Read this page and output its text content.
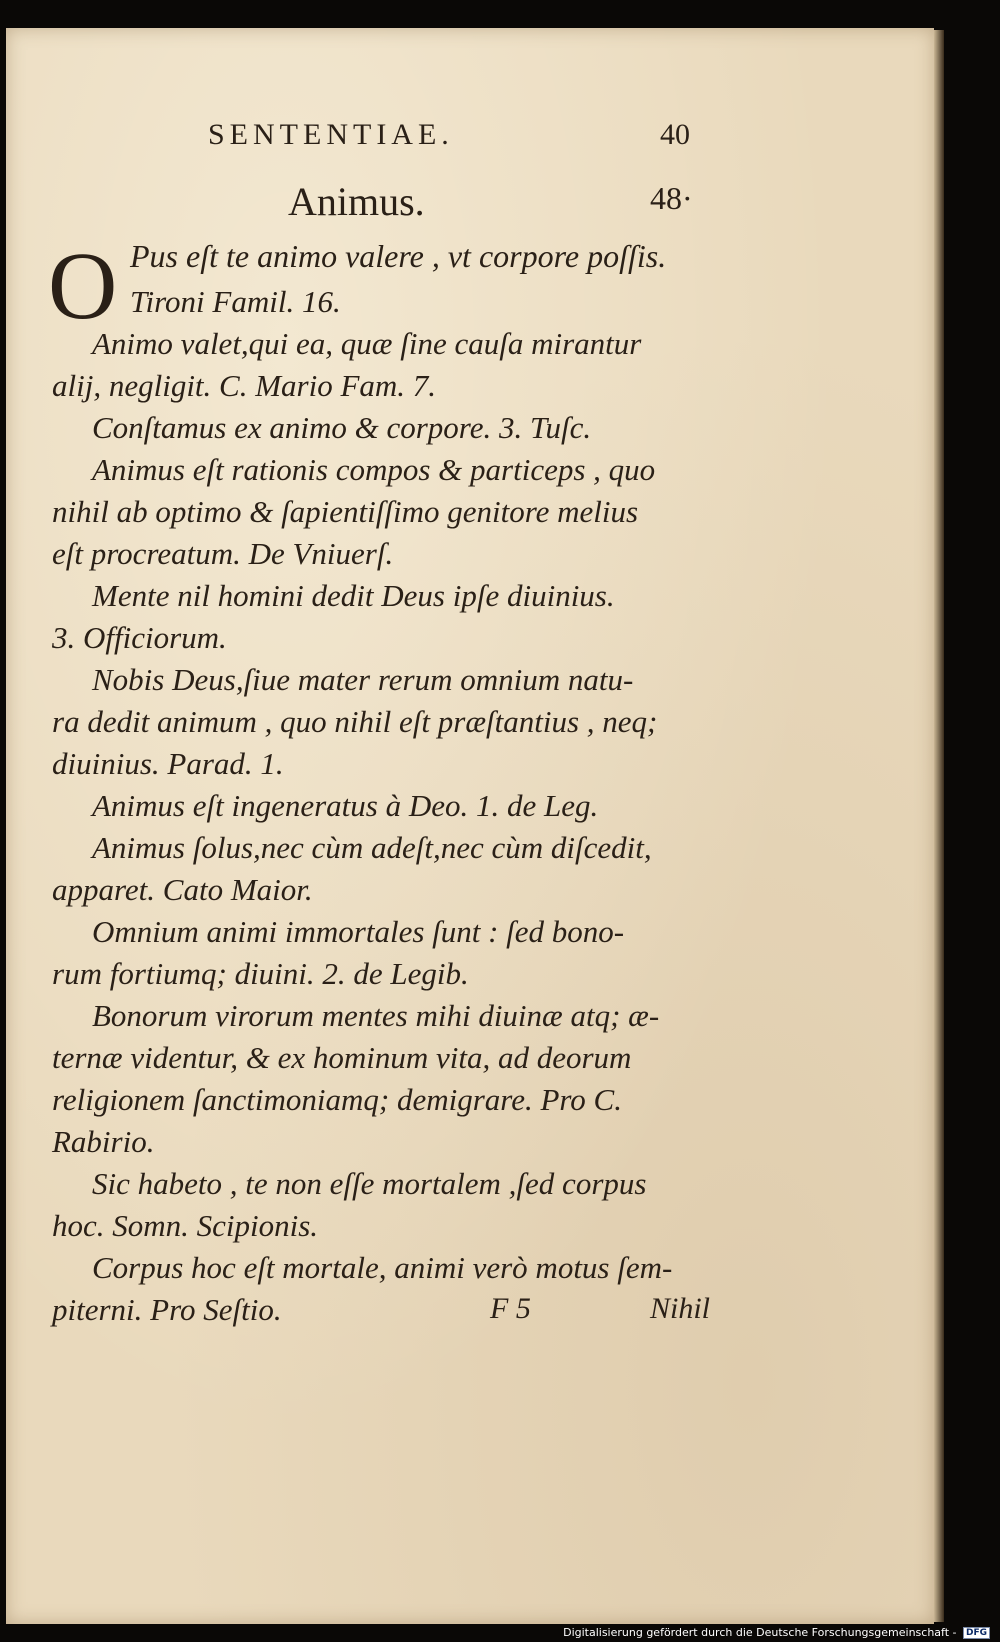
SENTENTIAE.	40
Animus.	48·
O Pus eſt te animo valere , vt corpore poſſis.
Tironi Famil. 16.
Animo valet,qui ea, quæ ſine cauſa mirantur
alij, negligit. C. Mario Fam. 7.
Conſtamus ex animo & corpore. 3. Tuſc.
Animus eſt rationis compos & particeps , quo
nihil ab optimo & ſapientiſſimo genitore melius
eſt procreatum. De Vniuerſ.
Mente nil homini dedit Deus ipſe diuinius.
3. Officiorum.
Nobis Deus,ſiue mater rerum omnium natu-
ra dedit animum , quo nihil eſt præſtantius , neq;
diuinius. Parad. 1.
Animus eſt ingeneratus à Deo. 1. de Leg.
Animus ſolus,nec cùm adeſt,nec cùm diſcedit,
apparet. Cato Maior.
Omnium animi immortales ſunt : ſed bono-
rum fortiumq; diuini. 2. de Legib.
Bonorum virorum mentes mihi diuinæ atq; æ-
ternæ videntur, & ex hominum vita, ad deorum
religionem ſanctimoniamq; demigrare. Pro C.
Rabirio.
Sic habeto , te non eſſe mortalem ,ſed corpus
hoc. Somn. Scipionis.
Corpus hoc eſt mortale, animi verò motus ſem-
piterni. Pro Seſtio.	F 5	Nihil
Digitalisierung gefördert durch die Deutsche Forschungsgemeinschaft - DFG
